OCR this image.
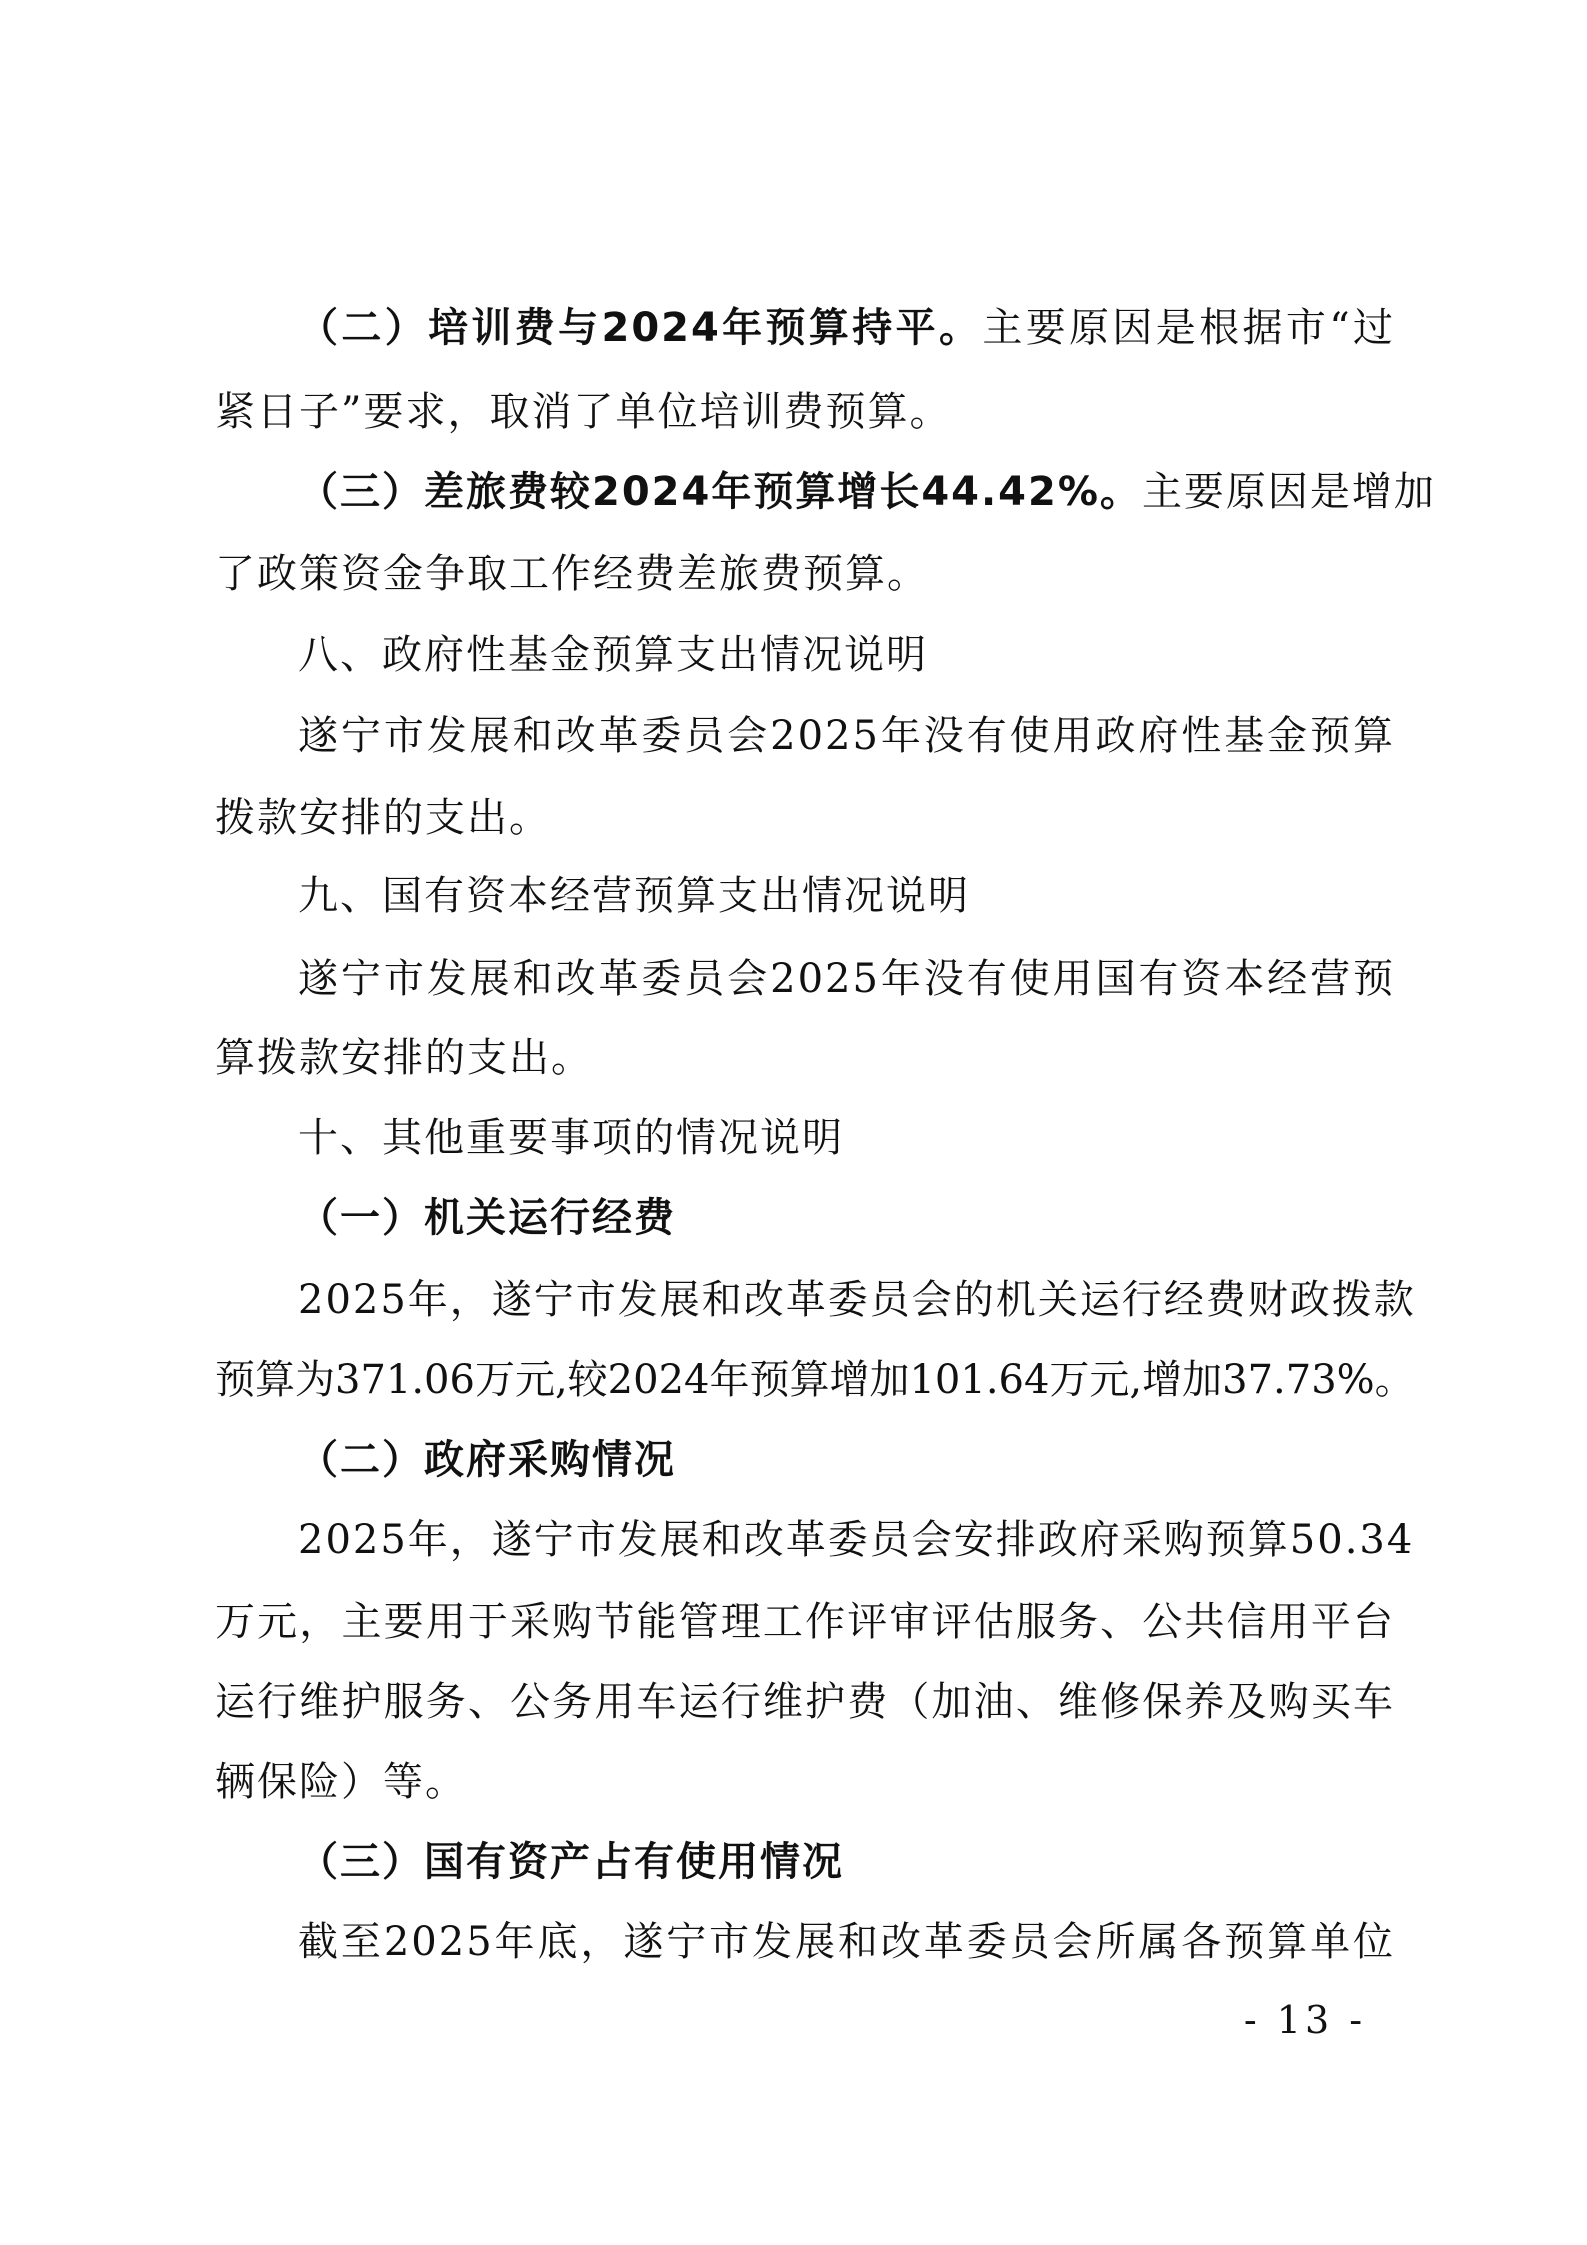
（二）培训费与2024年预算持平。主要原因是根据市“过
紧日子”要求，取消了单位培训费预算。
（三）差旅费较2024年预算增长44.42%。主要原因是增加
了政策资金争取工作经费差旅费预算。
八、政府性基金预算支出情况说明
遂宁市发展和改革委员会2025年没有使用政府性基金预算
拨款安排的支出。
九、国有资本经营预算支出情况说明
遂宁市发展和改革委员会2025年没有使用国有资本经营预
算拨款安排的支出。
十、其他重要事项的情况说明
（一）机关运行经费
2025年，遂宁市发展和改革委员会的机关运行经费财政拨款
预算为371.06万元,较2024年预算增加101.64万元,增加37.73%。
（二）政府采购情况
2025年，遂宁市发展和改革委员会安排政府采购预算50.34
万元，主要用于采购节能管理工作评审评估服务、公共信用平台
运行维护服务、公务用车运行维护费（加油、维修保养及购买车
辆保险）等。
（三）国有资产占有使用情况
截至2025年底，遂宁市发展和改革委员会所属各预算单位
- 13 -
